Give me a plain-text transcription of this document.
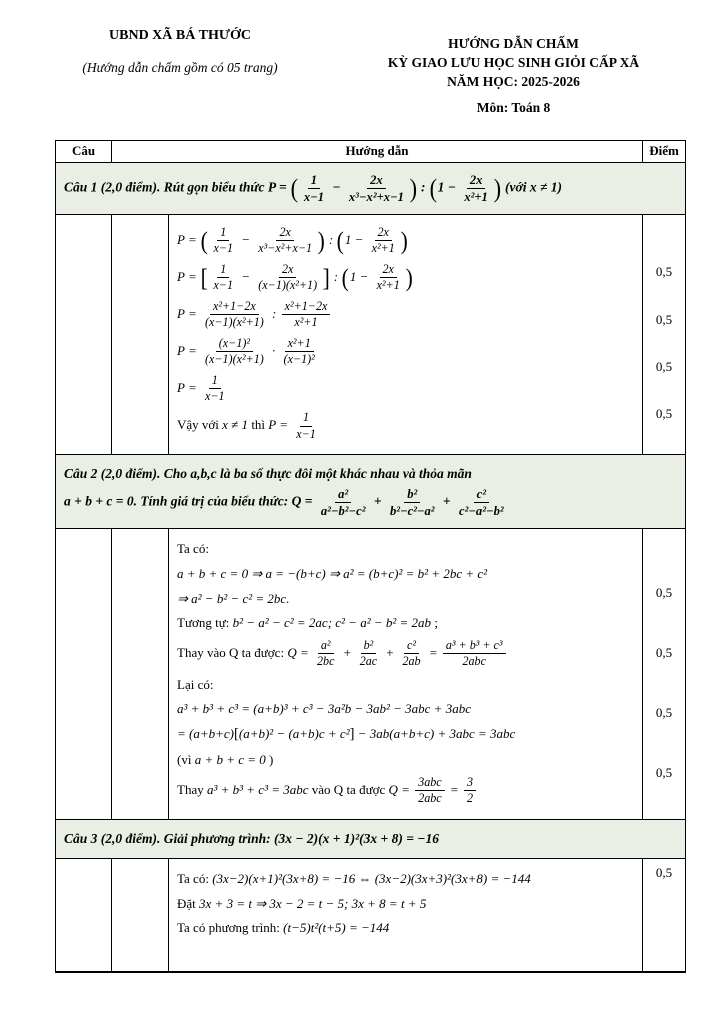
UBND XÃ BÁ THƯỚC
(Hướng dẫn chấm gồm có 05 trang)
HƯỚNG DẪN CHẤM
KỲ GIAO LƯU HỌC SINH GIỎI CẤP XÃ
NĂM HỌC: 2025-2026
Môn: Toán 8
Câu	Hướng dẫn	Điểm
Câu 1 (2,0 điểm). Rút gọn biểu thức P = ( $\frac{1}{x-1} - \frac{2x}{\text{x³−x²+x−1}}$ ) : ($1 - \frac{2x}{\text{x²+1}}$ ) (với x ≠ 1)
P = ( $\frac{1}{x-1} - \frac{2x}{\text{x³−x²+x−1}}$ ) : ($1 - \frac{2x}{\text{x²+1}}$ )
P = [ $\frac{1}{x-1} - \frac{2x}{\text{(x−1)(x²+1)}}$ ] : ($1 - \frac{2x}{\text{x²+1}}$ )
$P = \frac{\text{x²+1−2x}}{\text{(x−1)(x²+1)}}$ : $\frac{\text{x²+1−2x}}{\text{x²+1}}$
$P = \frac{\text{(x−1)²}}{\text{(x−1)(x²+1)}} \cdot \frac{\text{x²+1}}{\text{(x−1)²}}$
$P = \frac{1}{x-1}$
Vậy với x ≠ 1 thì $P = \frac{1}{x-1}$
0,5
0,5
0,5
0,5
Câu 2 (2,0 điểm). Cho a,b,c là ba số thực đôi một khác nhau và thỏa mãn
a + b + c = 0. Tính giá trị của biểu thức: $Q = \frac{\text{a²}}{\text{a²−b²−c²}} + \frac{\text{b²}}{\text{b²−c²−a²}} + \frac{\text{c²}}{\text{c²−a²−b²}}$
Ta có:
a + b + c = 0 ⇒ a = −(b+c) ⇒ a² = (b+c)² = b² + 2bc + c²
⇒ a² − b² − c² = 2bc.
Tương tự: b² − a² − c² = 2ac; c² − a² − b² = 2ab ;
Thay vào Q ta được: $Q = \frac{\text{a²}}{2bc} + \frac{\text{b²}}{2ac} + \frac{\text{c²}}{2ab} = \frac{\text{a³ + b³ + c³}}{\text{2abc}}$
Lại có:
a³ + b³ + c³ = (a+b)³ + c³ − 3a²b − 3ab² − 3abc + 3abc
= (a+b+c)[(a+b)² − (a+b)c + c²] − 3ab(a+b+c) + 3abc = 3abc
(vì a + b + c = 0 )
Thay a³ + b³ + c³ = 3abc vào Q ta được $Q = \frac{\text{3abc}}{\text{2abc}} = \frac{3}{2}$
0,5
0,5
0,5
0,5
Câu 3 (2,0 điểm). Giải phương trình: (3x − 2)(x + 1)²(3x + 8) = −16
Ta có: (3x−2)(x+1)²(3x+8) = −16 ⇔ (3x−2)(3x+3)²(3x+8) = −144
Đặt 3x + 3 = t ⇒ 3x − 2 = t − 5; 3x + 8 = t + 5
Ta có phương trình: (t−5)t²(t+5) = −144
0,5
